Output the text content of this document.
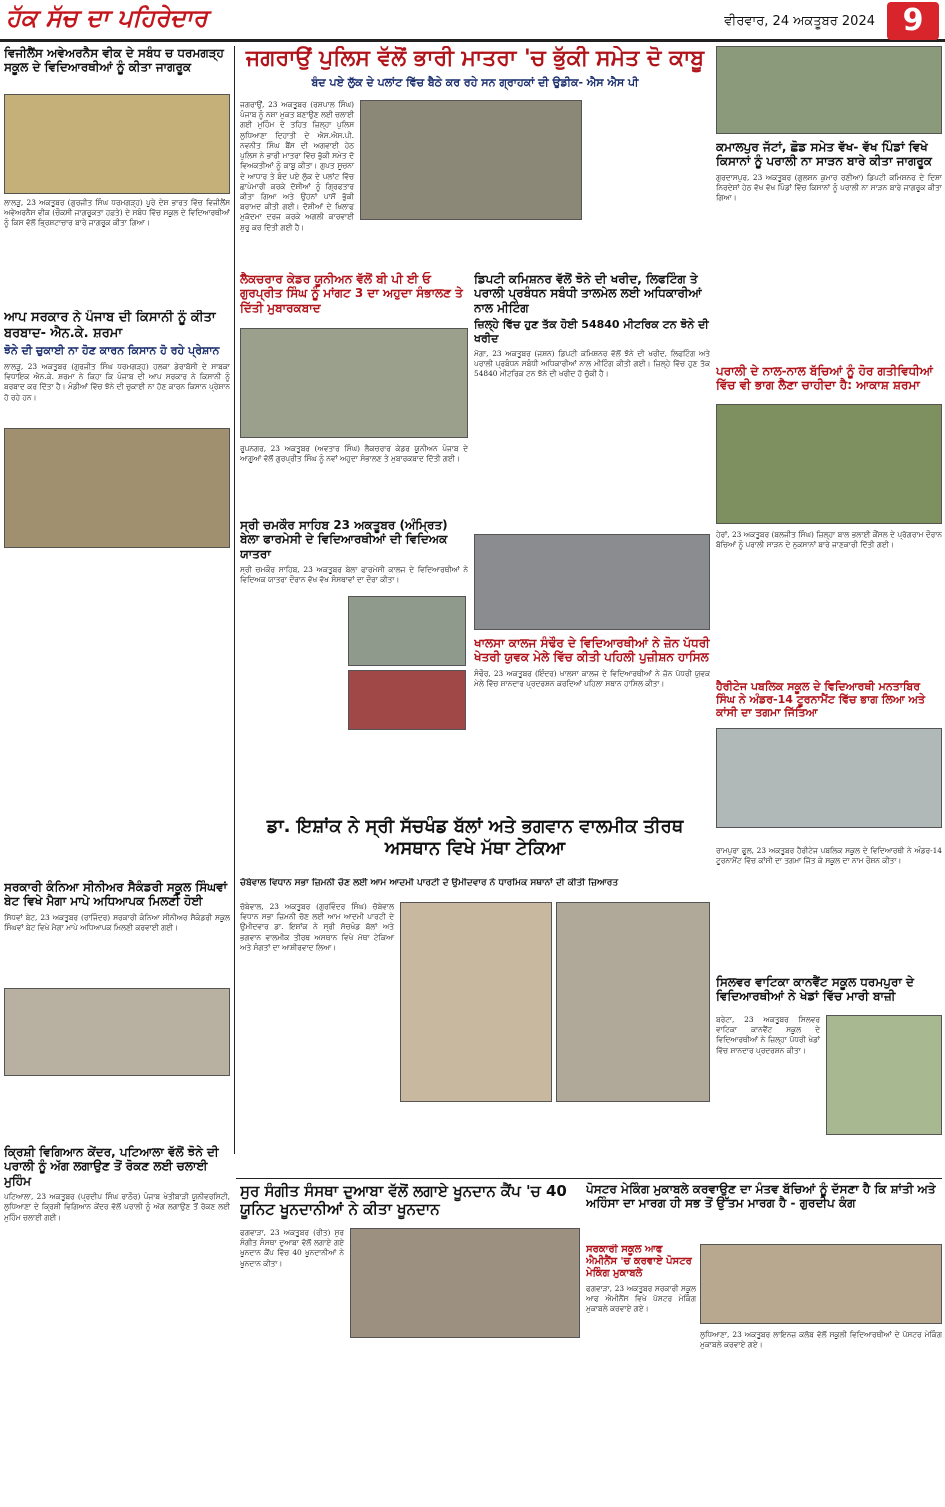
ਹੱਕ ਸੱਚ ਦਾ ਪਹਿਰੇਦਾਰ	ਵੀਰਵਾਰ, 24 ਅਕਤੂਬਰ 2024 9
ਵਿਜੀਲੈਂਸ ਅਵੇਅਰਨੈਸ ਵੀਕ ਦੇ ਸਬੰਧ ਚ ਧਰਮਗੜ੍ਹ ਸਕੂਲ ਦੇ ਵਿਦਿਆਰਥੀਆਂ ਨੂੰ ਕੀਤਾ ਜਾਗਰੂਕ
ਲਾਲੜੂ, 23 ਅਕਤੂਬਰ (ਗੁਰਜੀਤ ਸਿੰਘ ਧਰਮਗੜ੍ਹ) ਪੂਰੇ ਦੇਸ਼ ਭਾਰਤ ਵਿੱਚ ਵਿਜੀਲੈਂਸ ਅਵੇਅਰਨੈਸ ਵੀਕ (ਚੌਕਸੀ ਜਾਗਰੂਕਤਾ ਹਫ਼ਤੇ) ਦੇ ਸਬੰਧ ਵਿੱਚ ਸਕੂਲ ਦੇ ਵਿਦਿਆਰਥੀਆਂ ਨੂੰ ਕਿਸ ਵੱਲੋਂ ਭ੍ਰਿਸ਼ਟਾਚਾਰ ਬਾਰੇ ਜਾਗਰੂਕ ਕੀਤਾ ਗਿਆ।
ਆਪ ਸਰਕਾਰ ਨੇ ਪੰਜਾਬ ਦੀ ਕਿਸਾਨੀ ਨੂੰ ਕੀਤਾ ਬਰਬਾਦ- ਐਨ.ਕੇ. ਸ਼ਰਮਾ
ਝੋਨੇ ਦੀ ਚੁਕਾਈ ਨਾ ਹੋਣ ਕਾਰਨ ਕਿਸਾਨ ਹੋ ਰਹੇ ਪ੍ਰੇਸ਼ਾਨ
ਲਾਲੜੂ, 23 ਅਕਤੂਬਰ (ਗੁਰਜੀਤ ਸਿੰਘ ਧਰਮਗੜ੍ਹ) ਹਲਕਾ ਡੇਰਾਬੱਸੀ ਦੇ ਸਾਬਕਾ ਵਿਧਾਇਕ ਐਨ.ਕੇ. ਸ਼ਰਮਾ ਨੇ ਕਿਹਾ ਕਿ ਪੰਜਾਬ ਦੀ ਆਪ ਸਰਕਾਰ ਨੇ ਕਿਸਾਨੀ ਨੂੰ ਬਰਬਾਦ ਕਰ ਦਿੱਤਾ ਹੈ। ਮੰਡੀਆਂ ਵਿੱਚ ਝੋਨੇ ਦੀ ਚੁਕਾਈ ਨਾ ਹੋਣ ਕਾਰਨ ਕਿਸਾਨ ਪ੍ਰੇਸ਼ਾਨ ਹੋ ਰਹੇ ਹਨ।
ਸਰਕਾਰੀ ਕੰਨਿਆ ਸੀਨੀਅਰ ਸੈਕੰਡਰੀ ਸਕੂਲ ਸਿੰਘਵਾਂ ਬੇਟ ਵਿਖੇ ਮੈਗਾ ਮਾਪੇ ਅਧਿਆਪਕ ਮਿਲਣੀ ਹੋਈ
ਸਿੱਧਵਾਂ ਬੇਟ, 23 ਅਕਤੂਬਰ (ਰਾਜਿੰਦਰ) ਸਰਕਾਰੀ ਕੰਨਿਆ ਸੀਨੀਅਰ ਸੈਕੰਡਰੀ ਸਕੂਲ ਸਿੰਘਵਾਂ ਬੇਟ ਵਿਖੇ ਮੈਗਾ ਮਾਪੇ ਅਧਿਆਪਕ ਮਿਲਣੀ ਕਰਵਾਈ ਗਈ।
ਕ੍ਰਿਸ਼ੀ ਵਿਗਿਆਨ ਕੇਂਦਰ, ਪਟਿਆਲਾ ਵੱਲੋਂ ਝੋਨੇ ਦੀ ਪਰਾਲੀ ਨੂੰ ਅੱਗ ਲਗਾਉਣ ਤੋਂ ਰੋਕਣ ਲਈ ਚਲਾਈ ਮੁਹਿੰਮ
ਪਟਿਆਲਾ, 23 ਅਕਤੂਬਰ (ਪ੍ਰਦੀਪ ਸਿੰਘ ਰਾਠੌਰ) ਪੰਜਾਬ ਖੇਤੀਬਾੜੀ ਯੂਨੀਵਰਸਿਟੀ, ਲੁਧਿਆਣਾ ਦੇ ਕ੍ਰਿਸ਼ੀ ਵਿਗਿਆਨ ਕੇਂਦਰ ਵੱਲੋਂ ਪਰਾਲੀ ਨੂੰ ਅੱਗ ਲਗਾਉਣ ਤੋਂ ਰੋਕਣ ਲਈ ਮੁਹਿੰਮ ਚਲਾਈ ਗਈ।
ਜਗਰਾਉਂ ਪੁਲਿਸ ਵੱਲੋਂ ਭਾਰੀ ਮਾਤਰਾ 'ਚ ਭੁੱਕੀ ਸਮੇਤ ਦੋ ਕਾਬੂ
ਬੰਦ ਪਏ ਲੁੱਕ ਦੇ ਪਲਾਂਟ ਵਿੱਚ ਬੈਠੇ ਕਰ ਰਹੇ ਸਨ ਗ੍ਰਾਹਕਾਂ ਦੀ ਉਡੀਕ- ਐਸ ਐਸ ਪੀ
ਜਗਰਾਉਂ, 23 ਅਕਤੂਬਰ (ਰਸ਼ਪਾਲ ਸਿੰਘ) ਪੰਜਾਬ ਨੂੰ ਨਸ਼ਾ ਮੁਕਤ ਬਣਾਉਣ ਲਈ ਚਲਾਈ ਗਈ ਮੁਹਿੰਮ ਦੇ ਤਹਿਤ ਜ਼ਿਲ੍ਹਾ ਪੁਲਿਸ ਲੁਧਿਆਣਾ ਦਿਹਾਤੀ ਦੇ ਐਸ.ਐਸ.ਪੀ. ਨਵਨੀਤ ਸਿੰਘ ਬੈਂਸ ਦੀ ਅਗਵਾਈ ਹੇਠ ਪੁਲਿਸ ਨੇ ਭਾਰੀ ਮਾਤਰਾ ਵਿੱਚ ਭੁੱਕੀ ਸਮੇਤ ਦੋ ਵਿਅਕਤੀਆਂ ਨੂੰ ਕਾਬੂ ਕੀਤਾ। ਗੁਪਤ ਸੂਚਨਾ ਦੇ ਆਧਾਰ ਤੇ ਬੰਦ ਪਏ ਲੁੱਕ ਦੇ ਪਲਾਂਟ ਵਿੱਚ ਛਾਪੇਮਾਰੀ ਕਰਕੇ ਦੋਸ਼ੀਆਂ ਨੂੰ ਗ੍ਰਿਫਤਾਰ ਕੀਤਾ ਗਿਆ ਅਤੇ ਉਹਨਾਂ ਪਾਸੋਂ ਭੁੱਕੀ ਬਰਾਮਦ ਕੀਤੀ ਗਈ। ਦੋਸ਼ੀਆਂ ਦੇ ਖਿਲਾਫ ਮੁਕੱਦਮਾ ਦਰਜ ਕਰਕੇ ਅਗਲੀ ਕਾਰਵਾਈ ਸ਼ੁਰੂ ਕਰ ਦਿੱਤੀ ਗਈ ਹੈ।
ਲੈਕਚਰਾਰ ਕੇਡਰ ਯੂਨੀਅਨ ਵੱਲੋਂ ਬੀ ਪੀ ਈ ਓ ਗੁਰਪ੍ਰੀਤ ਸਿੰਘ ਨੂੰ ਮਾਂਗਟ 3 ਦਾ ਅਹੁਦਾ ਸੰਭਾਲਣ ਤੇ ਦਿੱਤੀ ਮੁਬਾਰਕਬਾਦ
ਰੂਪਨਗਰ, 23 ਅਕਤੂਬਰ (ਅਵਤਾਰ ਸਿੰਘ) ਲੈਕਚਰਾਰ ਕੇਡਰ ਯੂਨੀਅਨ ਪੰਜਾਬ ਦੇ ਆਗੂਆਂ ਵੱਲੋਂ ਗੁਰਪ੍ਰੀਤ ਸਿੰਘ ਨੂੰ ਨਵਾਂ ਅਹੁਦਾ ਸੰਭਾਲਣ ਤੇ ਮੁਬਾਰਕਬਾਦ ਦਿੱਤੀ ਗਈ।
ਡਿਪਟੀ ਕਮਿਸ਼ਨਰ ਵੱਲੋਂ ਝੋਨੇ ਦੀ ਖਰੀਦ, ਲਿਫਟਿੰਗ ਤੇ ਪਰਾਲੀ ਪ੍ਰਬੰਧਨ ਸਬੰਧੀ ਤਾਲਮੇਲ ਲਈ ਅਧਿਕਾਰੀਆਂ ਨਾਲ ਮੀਟਿੰਗ
ਜ਼ਿਲ੍ਹੇ ਵਿੱਚ ਹੁਣ ਤੱਕ ਹੋਈ 54840 ਮੀਟਰਿਕ ਟਨ ਝੋਨੇ ਦੀ ਖਰੀਦ
ਮੋਗਾ, 23 ਅਕਤੂਬਰ (ਜਸ਼ਨ) ਡਿਪਟੀ ਕਮਿਸ਼ਨਰ ਵੱਲੋਂ ਝੋਨੇ ਦੀ ਖਰੀਦ, ਲਿਫਟਿੰਗ ਅਤੇ ਪਰਾਲੀ ਪ੍ਰਬੰਧਨ ਸਬੰਧੀ ਅਧਿਕਾਰੀਆਂ ਨਾਲ ਮੀਟਿੰਗ ਕੀਤੀ ਗਈ। ਜ਼ਿਲ੍ਹੇ ਵਿੱਚ ਹੁਣ ਤੱਕ 54840 ਮੀਟਰਿਕ ਟਨ ਝੋਨੇ ਦੀ ਖਰੀਦ ਹੋ ਚੁੱਕੀ ਹੈ।
ਸ੍ਰੀ ਚਮਕੌਰ ਸਾਹਿਬ 23 ਅਕਤੂਬਰ (ਅੰਮ੍ਰਿਤ) ਬੇਲਾ ਫਾਰਮੇਸੀ ਦੇ ਵਿਦਿਆਰਥੀਆਂ ਦੀ ਵਿਦਿਅਕ ਯਾਤਰਾ
ਸ੍ਰੀ ਚਮਕੌਰ ਸਾਹਿਬ, 23 ਅਕਤੂਬਰ ਬੇਲਾ ਫਾਰਮੇਸੀ ਕਾਲਜ ਦੇ ਵਿਦਿਆਰਥੀਆਂ ਨੇ ਵਿਦਿਅਕ ਯਾਤਰਾ ਦੌਰਾਨ ਵੱਖ ਵੱਖ ਸੰਸਥਾਵਾਂ ਦਾ ਦੌਰਾ ਕੀਤਾ।
ਖਾਲਸਾ ਕਾਲਜ ਸੰਢੌਰ ਦੇ ਵਿਦਿਆਰਥੀਆਂ ਨੇ ਜ਼ੋਨ ਪੱਧਰੀ ਖੇਤਰੀ ਯੁਵਕ ਮੇਲੇ ਵਿੱਚ ਕੀਤੀ ਪਹਿਲੀ ਪੁਜ਼ੀਸ਼ਨ ਹਾਸਿਲ
ਸੰਢੌਰ, 23 ਅਕਤੂਬਰ (ਇੰਦਰ) ਖਾਲਸਾ ਕਾਲਜ ਦੇ ਵਿਦਿਆਰਥੀਆਂ ਨੇ ਜ਼ੋਨ ਪੱਧਰੀ ਯੁਵਕ ਮੇਲੇ ਵਿੱਚ ਸ਼ਾਨਦਾਰ ਪ੍ਰਦਰਸ਼ਨ ਕਰਦਿਆਂ ਪਹਿਲਾ ਸਥਾਨ ਹਾਸਿਲ ਕੀਤਾ।
ਕਮਾਲਪੁਰ ਜੱਟਾਂ, ਛੋਡ ਸਮੇਤ ਵੱਖ- ਵੱਖ ਪਿੰਡਾਂ ਵਿਖੇ ਕਿਸਾਨਾਂ ਨੂੰ ਪਰਾਲੀ ਨਾ ਸਾੜਨ ਬਾਰੇ ਕੀਤਾ ਜਾਗਰੂਕ
ਗੁਰਦਾਸਪੁਰ, 23 ਅਕਤੂਬਰ (ਗੁਲਸ਼ਨ ਕੁਮਾਰ ਰਣੀਆ) ਡਿਪਟੀ ਕਮਿਸ਼ਨਰ ਦੇ ਦਿਸ਼ਾ ਨਿਰਦੇਸ਼ਾਂ ਹੇਠ ਵੱਖ ਵੱਖ ਪਿੰਡਾਂ ਵਿੱਚ ਕਿਸਾਨਾਂ ਨੂੰ ਪਰਾਲੀ ਨਾ ਸਾੜਨ ਬਾਰੇ ਜਾਗਰੂਕ ਕੀਤਾ ਗਿਆ।
ਪਰਾਲੀ ਦੇ ਨਾਲ-ਨਾਲ ਬੱਚਿਆਂ ਨੂੰ ਹੋਰ ਗਤੀਵਿਧੀਆਂ ਵਿੱਚ ਵੀ ਭਾਗ ਲੈਣਾ ਚਾਹੀਦਾ ਹੈ: ਆਕਾਸ਼ ਸ਼ਰਮਾ
ਹੇਰਾਂ, 23 ਅਕਤੂਬਰ (ਬਲਜੀਤ ਸਿੰਘ) ਜ਼ਿਲ੍ਹਾ ਬਾਲ ਭਲਾਈ ਕੌਂਸਲ ਦੇ ਪ੍ਰੋਗਰਾਮ ਦੌਰਾਨ ਬੱਚਿਆਂ ਨੂੰ ਪਰਾਲੀ ਸਾੜਨ ਦੇ ਨੁਕਸਾਨਾਂ ਬਾਰੇ ਜਾਣਕਾਰੀ ਦਿੱਤੀ ਗਈ।
ਹੈਰੀਟੇਜ ਪਬਲਿਕ ਸਕੂਲ ਦੇ ਵਿਦਿਆਰਥੀ ਮਨਤਾਬਿਰ ਸਿੰਘ ਨੇ ਅੰਡਰ-14 ਟੂਰਨਾਮੈਂਟ ਵਿੱਚ ਭਾਗ ਲਿਆ ਅਤੇ ਕਾਂਸੀ ਦਾ ਤਗਮਾ ਜਿੱਤਿਆ
ਰਾਮਪੁਰਾ ਫੂਲ, 23 ਅਕਤੂਬਰ ਹੈਰੀਟੇਜ ਪਬਲਿਕ ਸਕੂਲ ਦੇ ਵਿਦਿਆਰਥੀ ਨੇ ਅੰਡਰ-14 ਟੂਰਨਾਮੈਂਟ ਵਿੱਚ ਕਾਂਸੀ ਦਾ ਤਗਮਾ ਜਿੱਤ ਕੇ ਸਕੂਲ ਦਾ ਨਾਮ ਰੌਸ਼ਨ ਕੀਤਾ।
ਡਾ. ਇਸ਼ਾਂਕ ਨੇ ਸ੍ਰੀ ਸੱਚਖੰਡ ਬੱਲਾਂ ਅਤੇ ਭਗਵਾਨ ਵਾਲਮੀਕ ਤੀਰਥ ਅਸਥਾਨ ਵਿਖੇ ਮੱਥਾ ਟੇਕਿਆ
ਚੱਬੇਵਾਲ ਵਿਧਾਨ ਸਭਾ ਜ਼ਿਮਨੀ ਚੋਣ ਲਈ ਆਮ ਆਦਮੀ ਪਾਰਟੀ ਦੇ ਉਮੀਦਵਾਰ ਨੇ ਧਾਰਮਿਕ ਸਥਾਨਾਂ ਦੀ ਕੀਤੀ ਜ਼ਿਆਰਤ
ਚੱਬੇਵਾਲ, 23 ਅਕਤੂਬਰ (ਗੁਰਵਿੰਦਰ ਸਿੰਘ) ਚੱਬੇਵਾਲ ਵਿਧਾਨ ਸਭਾ ਜ਼ਿਮਨੀ ਚੋਣ ਲਈ ਆਮ ਆਦਮੀ ਪਾਰਟੀ ਦੇ ਉਮੀਦਵਾਰ ਡਾ. ਇਸ਼ਾਂਕ ਨੇ ਸ੍ਰੀ ਸੱਚਖੰਡ ਬੱਲਾਂ ਅਤੇ ਭਗਵਾਨ ਵਾਲਮੀਕ ਤੀਰਥ ਅਸਥਾਨ ਵਿਖੇ ਮੱਥਾ ਟੇਕਿਆ ਅਤੇ ਸੰਗਤਾਂ ਦਾ ਆਸ਼ੀਰਵਾਦ ਲਿਆ।
ਸਿਲਵਰ ਵਾਟਿਕਾ ਕਾਨਵੈਂਟ ਸਕੂਲ ਧਰਮਪੁਰਾ ਦੇ ਵਿਦਿਆਰਥੀਆਂ ਨੇ ਖੇਡਾਂ ਵਿੱਚ ਮਾਰੀ ਬਾਜ਼ੀ
ਬਰੇਟਾ, 23 ਅਕਤੂਬਰ ਸਿਲਵਰ ਵਾਟਿਕਾ ਕਾਨਵੈਂਟ ਸਕੂਲ ਦੇ ਵਿਦਿਆਰਥੀਆਂ ਨੇ ਜ਼ਿਲ੍ਹਾ ਪੱਧਰੀ ਖੇਡਾਂ ਵਿੱਚ ਸ਼ਾਨਦਾਰ ਪ੍ਰਦਰਸ਼ਨ ਕੀਤਾ।
ਸੁਰ ਸੰਗੀਤ ਸੰਸਥਾ ਦੁਆਬਾ ਵੱਲੋਂ ਲਗਾਏ ਖੂਨਦਾਨ ਕੈਂਪ 'ਚ 40 ਯੂਨਿਟ ਖੂਨਦਾਨੀਆਂ ਨੇ ਕੀਤਾ ਖੂਨਦਾਨ
ਫਗਵਾੜਾ, 23 ਅਕਤੂਬਰ (ਰੀਤ) ਸੁਰ ਸੰਗੀਤ ਸੰਸਥਾ ਦੁਆਬਾ ਵੱਲੋਂ ਲਗਾਏ ਗਏ ਖੂਨਦਾਨ ਕੈਂਪ ਵਿੱਚ 40 ਖੂਨਦਾਨੀਆਂ ਨੇ ਖੂਨਦਾਨ ਕੀਤਾ।
ਪੋਸਟਰ ਮੇਕਿੰਗ ਮੁਕਾਬਲੇ ਕਰਵਾਉਣ ਦਾ ਮੰਤਵ ਬੱਚਿਆਂ ਨੂੰ ਦੱਸਣਾ ਹੈ ਕਿ ਸ਼ਾਂਤੀ ਅਤੇ ਅਹਿੰਸਾ ਦਾ ਮਾਰਗ ਹੀ ਸਭ ਤੋਂ ਉੱਤਮ ਮਾਰਗ ਹੈ - ਗੁਰਦੀਪ ਕੰਗ
ਸਰਕਾਰੀ ਸਕੂਲ ਆਫ ਐਮੀਨੈਂਸ 'ਚ ਕਰਵਾਏ ਪੋਸਟਰ ਮੇਕਿੰਗ ਮੁਕਾਬਲੇ
ਫਗਵਾੜਾ, 23 ਅਕਤੂਬਰ ਸਰਕਾਰੀ ਸਕੂਲ ਆਫ ਐਮੀਨੈਂਸ ਵਿਖੇ ਪੋਸਟਰ ਮੇਕਿੰਗ ਮੁਕਾਬਲੇ ਕਰਵਾਏ ਗਏ।
ਲੁਧਿਆਣਾ, 23 ਅਕਤੂਬਰ ਲਾਇਨਜ਼ ਕਲੱਬ ਵੱਲੋਂ ਸਕੂਲੀ ਵਿਦਿਆਰਥੀਆਂ ਦੇ ਪੋਸਟਰ ਮੇਕਿੰਗ ਮੁਕਾਬਲੇ ਕਰਵਾਏ ਗਏ।
